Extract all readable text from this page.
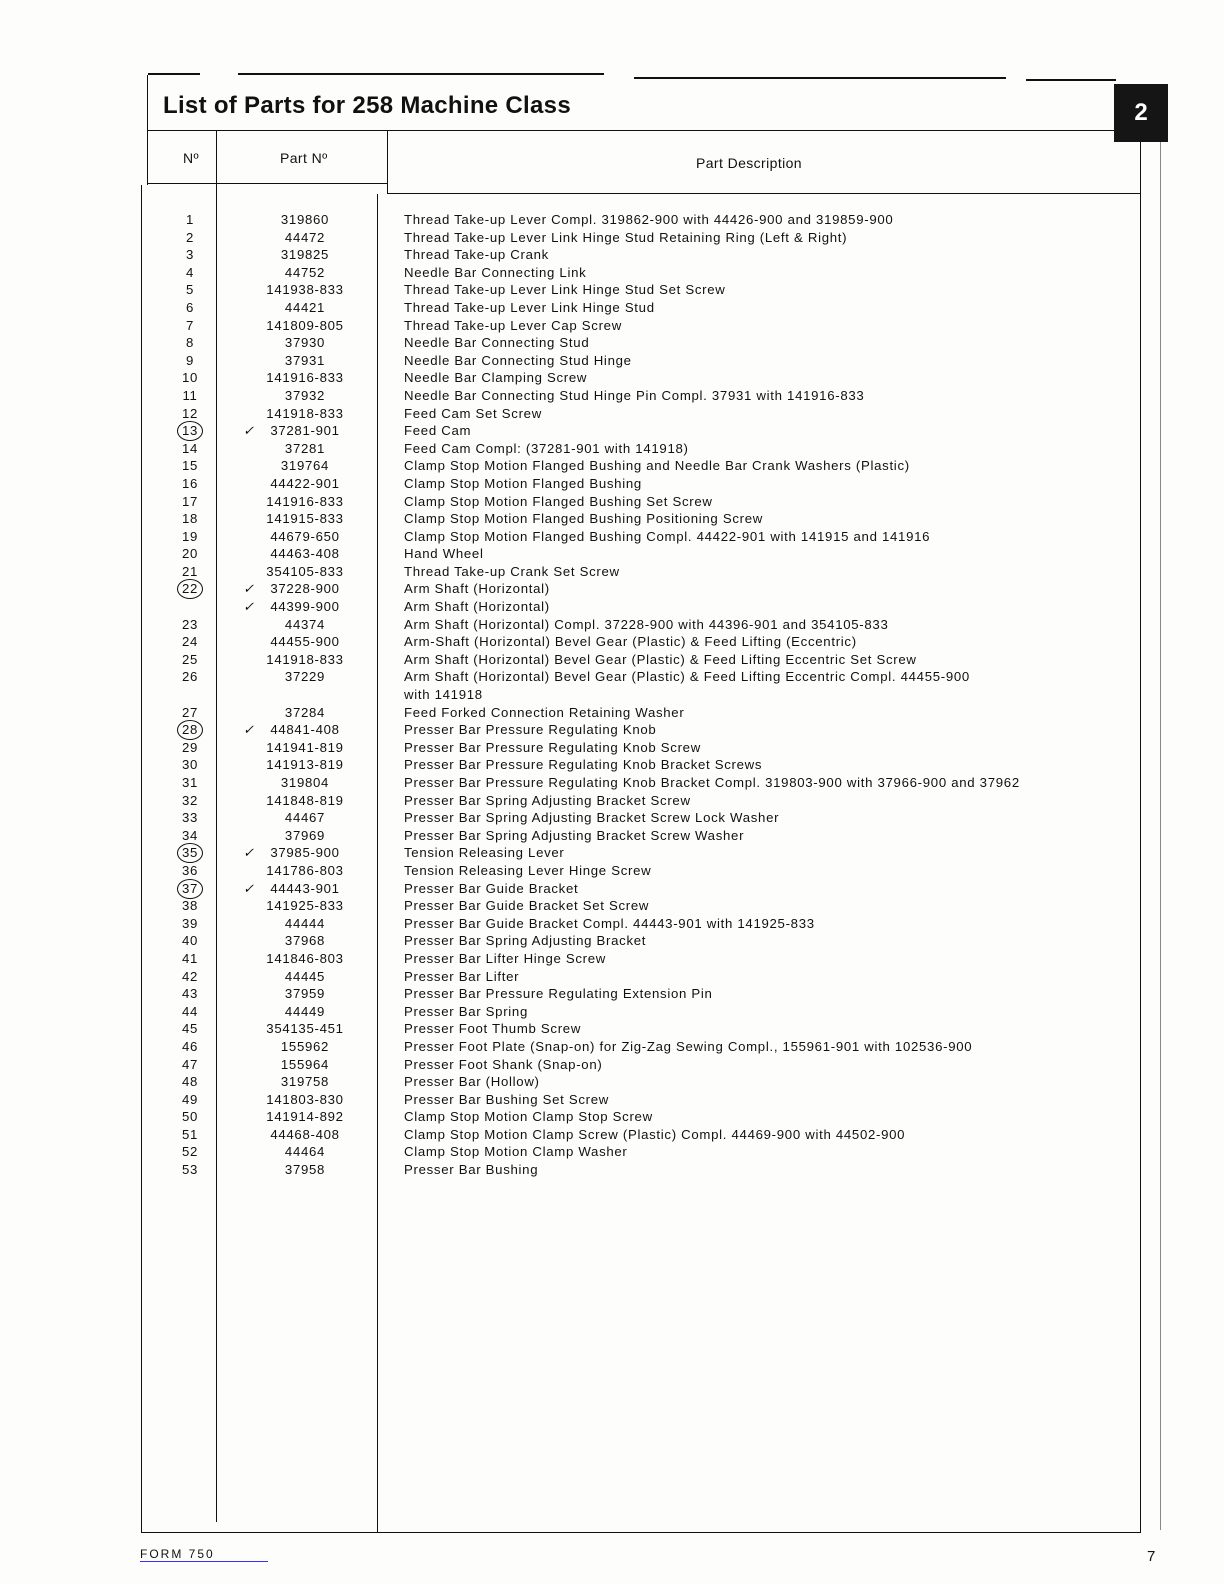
List of Parts for 258 Machine Class	2
Nº	Part Nº	Part Description
1	319860	Thread Take-up Lever Compl. 319862-900 with 44426-900 and 319859-900
2	44472	Thread Take-up Lever Link Hinge Stud Retaining Ring (Left & Right)
3	319825	Thread Take-up Crank
4	44752	Needle Bar Connecting Link
5	141938-833	Thread Take-up Lever Link Hinge Stud Set Screw
6	44421	Thread Take-up Lever Link Hinge Stud
7	141809-805	Thread Take-up Lever Cap Screw
8	37930	Needle Bar Connecting Stud
9	37931	Needle Bar Connecting Stud Hinge
10	141916-833	Needle Bar Clamping Screw
11	37932	Needle Bar Connecting Stud Hinge Pin Compl. 37931 with 141916-833
12	141918-833	Feed Cam Set Screw
✓
13	37281-901	Feed Cam
14	37281	Feed Cam Compl: (37281-901 with 141918)
15	319764	Clamp Stop Motion Flanged Bushing and Needle Bar Crank Washers (Plastic)
16	44422-901	Clamp Stop Motion Flanged Bushing
17	141916-833	Clamp Stop Motion Flanged Bushing Set Screw
18	141915-833	Clamp Stop Motion Flanged Bushing Positioning Screw
19	44679-650	Clamp Stop Motion Flanged Bushing Compl. 44422-901 with 141915 and 141916
20	44463-408	Hand Wheel
21	354105-833	Thread Take-up Crank Set Screw
✓
22	37228-900	Arm Shaft (Horizontal)
✓	44399-900	Arm Shaft (Horizontal)
23	44374	Arm Shaft (Horizontal) Compl. 37228-900 with 44396-901 and 354105-833
24	44455-900	Arm-Shaft (Horizontal) Bevel Gear (Plastic) & Feed Lifting (Eccentric)
25	141918-833	Arm Shaft (Horizontal) Bevel Gear (Plastic) & Feed Lifting Eccentric Set Screw
26	37229	Arm Shaft (Horizontal) Bevel Gear (Plastic) & Feed Lifting Eccentric Compl. 44455-900
with 141918
27	37284	Feed Forked Connection Retaining Washer
✓
28	44841-408	Presser Bar Pressure Regulating Knob
29	141941-819	Presser Bar Pressure Regulating Knob Screw
30	141913-819	Presser Bar Pressure Regulating Knob Bracket Screws
31	319804	Presser Bar Pressure Regulating Knob Bracket Compl. 319803-900 with 37966-900 and 37962
32	141848-819	Presser Bar Spring Adjusting Bracket Screw
33	44467	Presser Bar Spring Adjusting Bracket Screw Lock Washer
34	37969	Presser Bar Spring Adjusting Bracket Screw Washer
✓
35	37985-900	Tension Releasing Lever
36	141786-803	Tension Releasing Lever Hinge Screw
✓
37	44443-901	Presser Bar Guide Bracket
38	141925-833	Presser Bar Guide Bracket Set Screw
39	44444	Presser Bar Guide Bracket Compl. 44443-901 with 141925-833
40	37968	Presser Bar Spring Adjusting Bracket
41	141846-803	Presser Bar Lifter Hinge Screw
42	44445	Presser Bar Lifter
43	37959	Presser Bar Pressure Regulating Extension Pin
44	44449	Presser Bar Spring
45	354135-451	Presser Foot Thumb Screw
46	155962	Presser Foot Plate (Snap-on) for Zig-Zag Sewing Compl., 155961-901 with 102536-900
47	155964	Presser Foot Shank (Snap-on)
48	319758	Presser Bar (Hollow)
49	141803-830	Presser Bar Bushing Set Screw
50	141914-892	Clamp Stop Motion Clamp Stop Screw
51	44468-408	Clamp Stop Motion Clamp Screw (Plastic) Compl. 44469-900 with 44502-900
52	44464	Clamp Stop Motion Clamp Washer
53	37958	Presser Bar Bushing
FORM 750	7
